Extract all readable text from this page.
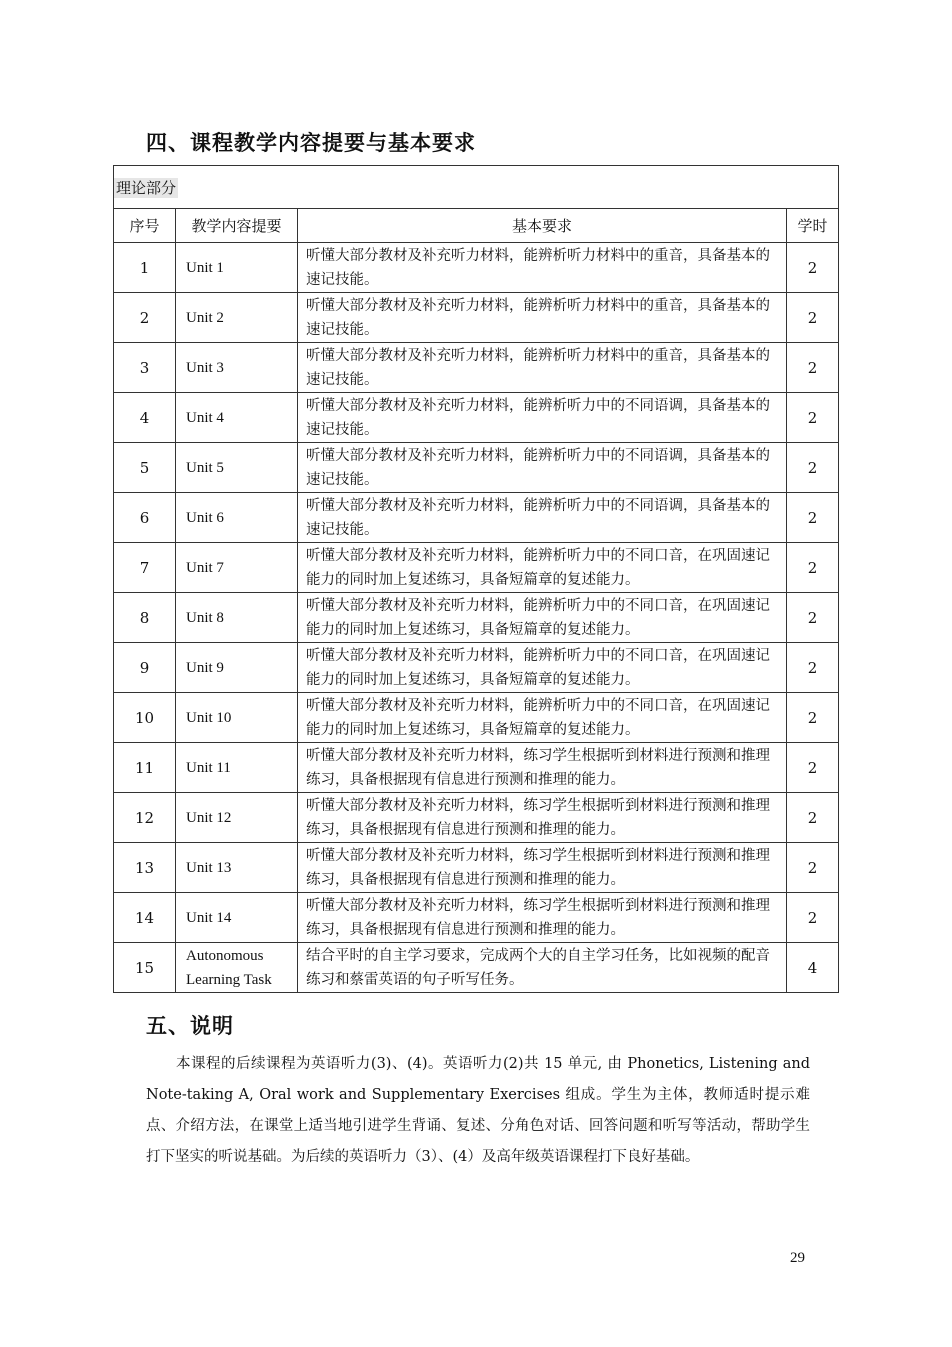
四、课程教学内容提要与基本要求
理论部分			
序号	教学内容提要	基本要求	学时
1	Unit 1	听懂大部分教材及补充听力材料，能辨析听力材料中的重音，具备基本的速记技能。	2
2	Unit 2	听懂大部分教材及补充听力材料，能辨析听力材料中的重音，具备基本的速记技能。	2
3	Unit 3	听懂大部分教材及补充听力材料，能辨析听力材料中的重音，具备基本的速记技能。	2
4	Unit 4	听懂大部分教材及补充听力材料，能辨析听力中的不同语调，具备基本的速记技能。	2
5	Unit 5	听懂大部分教材及补充听力材料，能辨析听力中的不同语调，具备基本的速记技能。	2
6	Unit 6	听懂大部分教材及补充听力材料，能辨析听力中的不同语调，具备基本的速记技能。	2
7	Unit 7	听懂大部分教材及补充听力材料，能辨析听力中的不同口音，在巩固速记能力的同时加上复述练习，具备短篇章的复述能力。	2
8	Unit 8	听懂大部分教材及补充听力材料，能辨析听力中的不同口音，在巩固速记能力的同时加上复述练习，具备短篇章的复述能力。	2
9	Unit 9	听懂大部分教材及补充听力材料，能辨析听力中的不同口音，在巩固速记能力的同时加上复述练习，具备短篇章的复述能力。	2
10	Unit 10	听懂大部分教材及补充听力材料，能辨析听力中的不同口音，在巩固速记能力的同时加上复述练习，具备短篇章的复述能力。	2
11	Unit 11	听懂大部分教材及补充听力材料，练习学生根据听到材料进行预测和推理练习，具备根据现有信息进行预测和推理的能力。	2
12	Unit 12	听懂大部分教材及补充听力材料，练习学生根据听到材料进行预测和推理练习，具备根据现有信息进行预测和推理的能力。	2
13	Unit 13	听懂大部分教材及补充听力材料，练习学生根据听到材料进行预测和推理练习，具备根据现有信息进行预测和推理的能力。	2
14	Unit 14	听懂大部分教材及补充听力材料，练习学生根据听到材料进行预测和推理练习，具备根据现有信息进行预测和推理的能力。	2
15	Autonomous Learning Task	结合平时的自主学习要求，完成两个大的自主学习任务，比如视频的配音练习和蔡雷英语的句子听写任务。	4
五、说明

本课程的后续课程为英语听力(3)、(4)。英语听力(2)共 15 单元, 由 Phonetics, Listening and Note-taking A, Oral work and Supplementary Exercises 组成。学生为主体，教师适时提示难点、介绍方法，在课堂上适当地引进学生背诵、复述、分角色对话、回答问题和听写等活动，帮助学生打下坚实的听说基础。为后续的英语听力（3）、(4）及高年级英语课程打下良好基础。

29
